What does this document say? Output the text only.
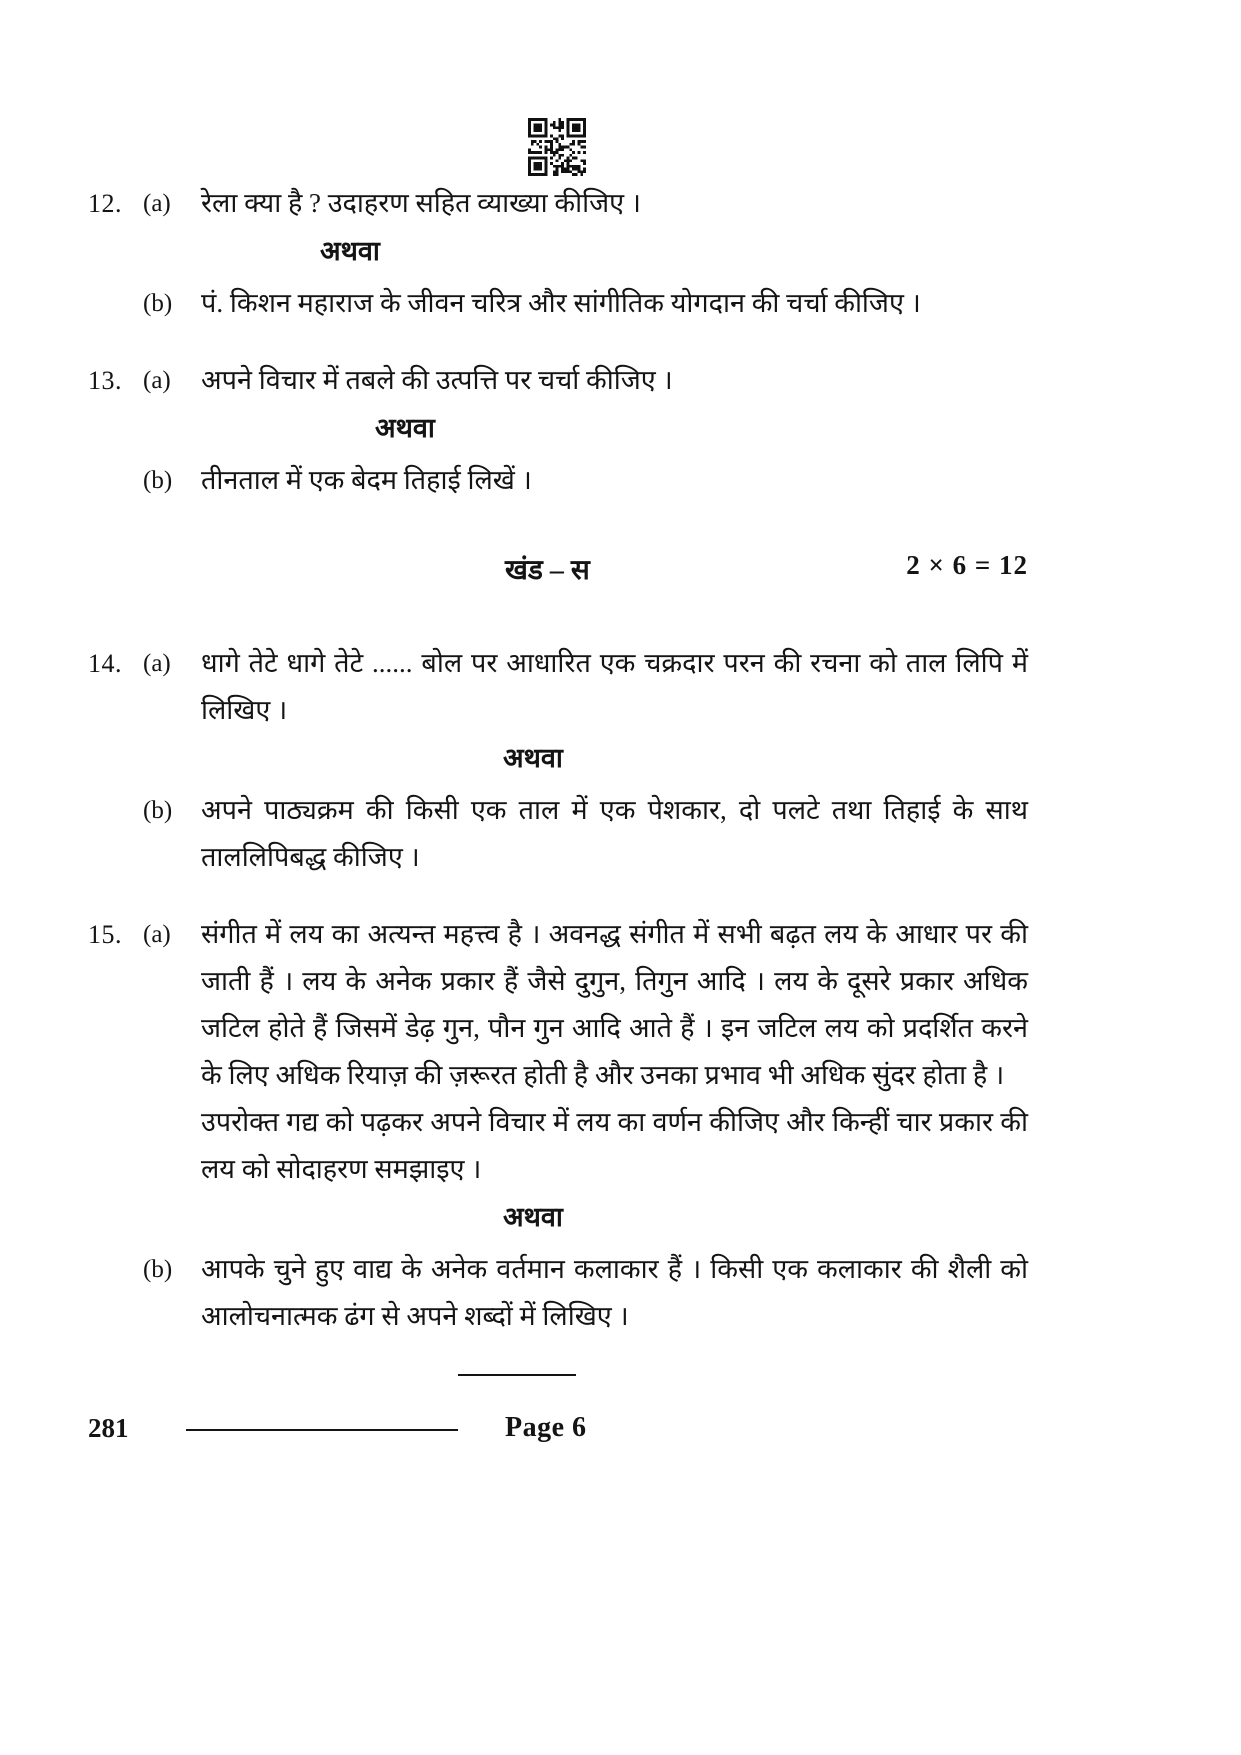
12. (a)	रेला क्या है ? उदाहरण सहित व्याख्या कीजिए ।
अथवा
(b)	पं. किशन महाराज के जीवन चरित्र और सांगीतिक योगदान की चर्चा कीजिए ।
13. (a)	अपने विचार में तबले की उत्पत्ति पर चर्चा कीजिए ।
अथवा
(b)	तीनताल में एक बेदम तिहाई लिखें ।
खंड – स	2 × 6 = 12
14. (a)	धागे तेटे धागे तेटे ...... बोल पर आधारित एक चक्रदार परन की रचना को ताल लिपि में लिखिए ।
अथवा
(b)	अपने पाठ्यक्रम की किसी एक ताल में एक पेशकार, दो पलटे तथा तिहाई के साथ ताललिपिबद्ध कीजिए ।
15. (a)	संगीत में लय का अत्यन्त महत्त्व है । अवनद्ध संगीत में सभी बढ़त लय के आधार पर की जाती हैं । लय के अनेक प्रकार हैं जैसे दुगुन, तिगुन आदि । लय के दूसरे प्रकार अधिक जटिल होते हैं जिसमें डेढ़ गुन, पौन गुन आदि आते हैं । इन जटिल लय को प्रदर्शित करने के लिए अधिक रियाज़ की ज़रूरत होती है और उनका प्रभाव भी अधिक सुंदर होता है ।

उपरोक्त गद्य को पढ़कर अपने विचार में लय का वर्णन कीजिए और किन्हीं चार प्रकार की लय को सोदाहरण समझाइए ।

अथवा
(b)	आपके चुने हुए वाद्य के अनेक वर्तमान कलाकार हैं । किसी एक कलाकार की शैली को आलोचनात्मक ढंग से अपने शब्दों में लिखिए ।
281	Page 6
